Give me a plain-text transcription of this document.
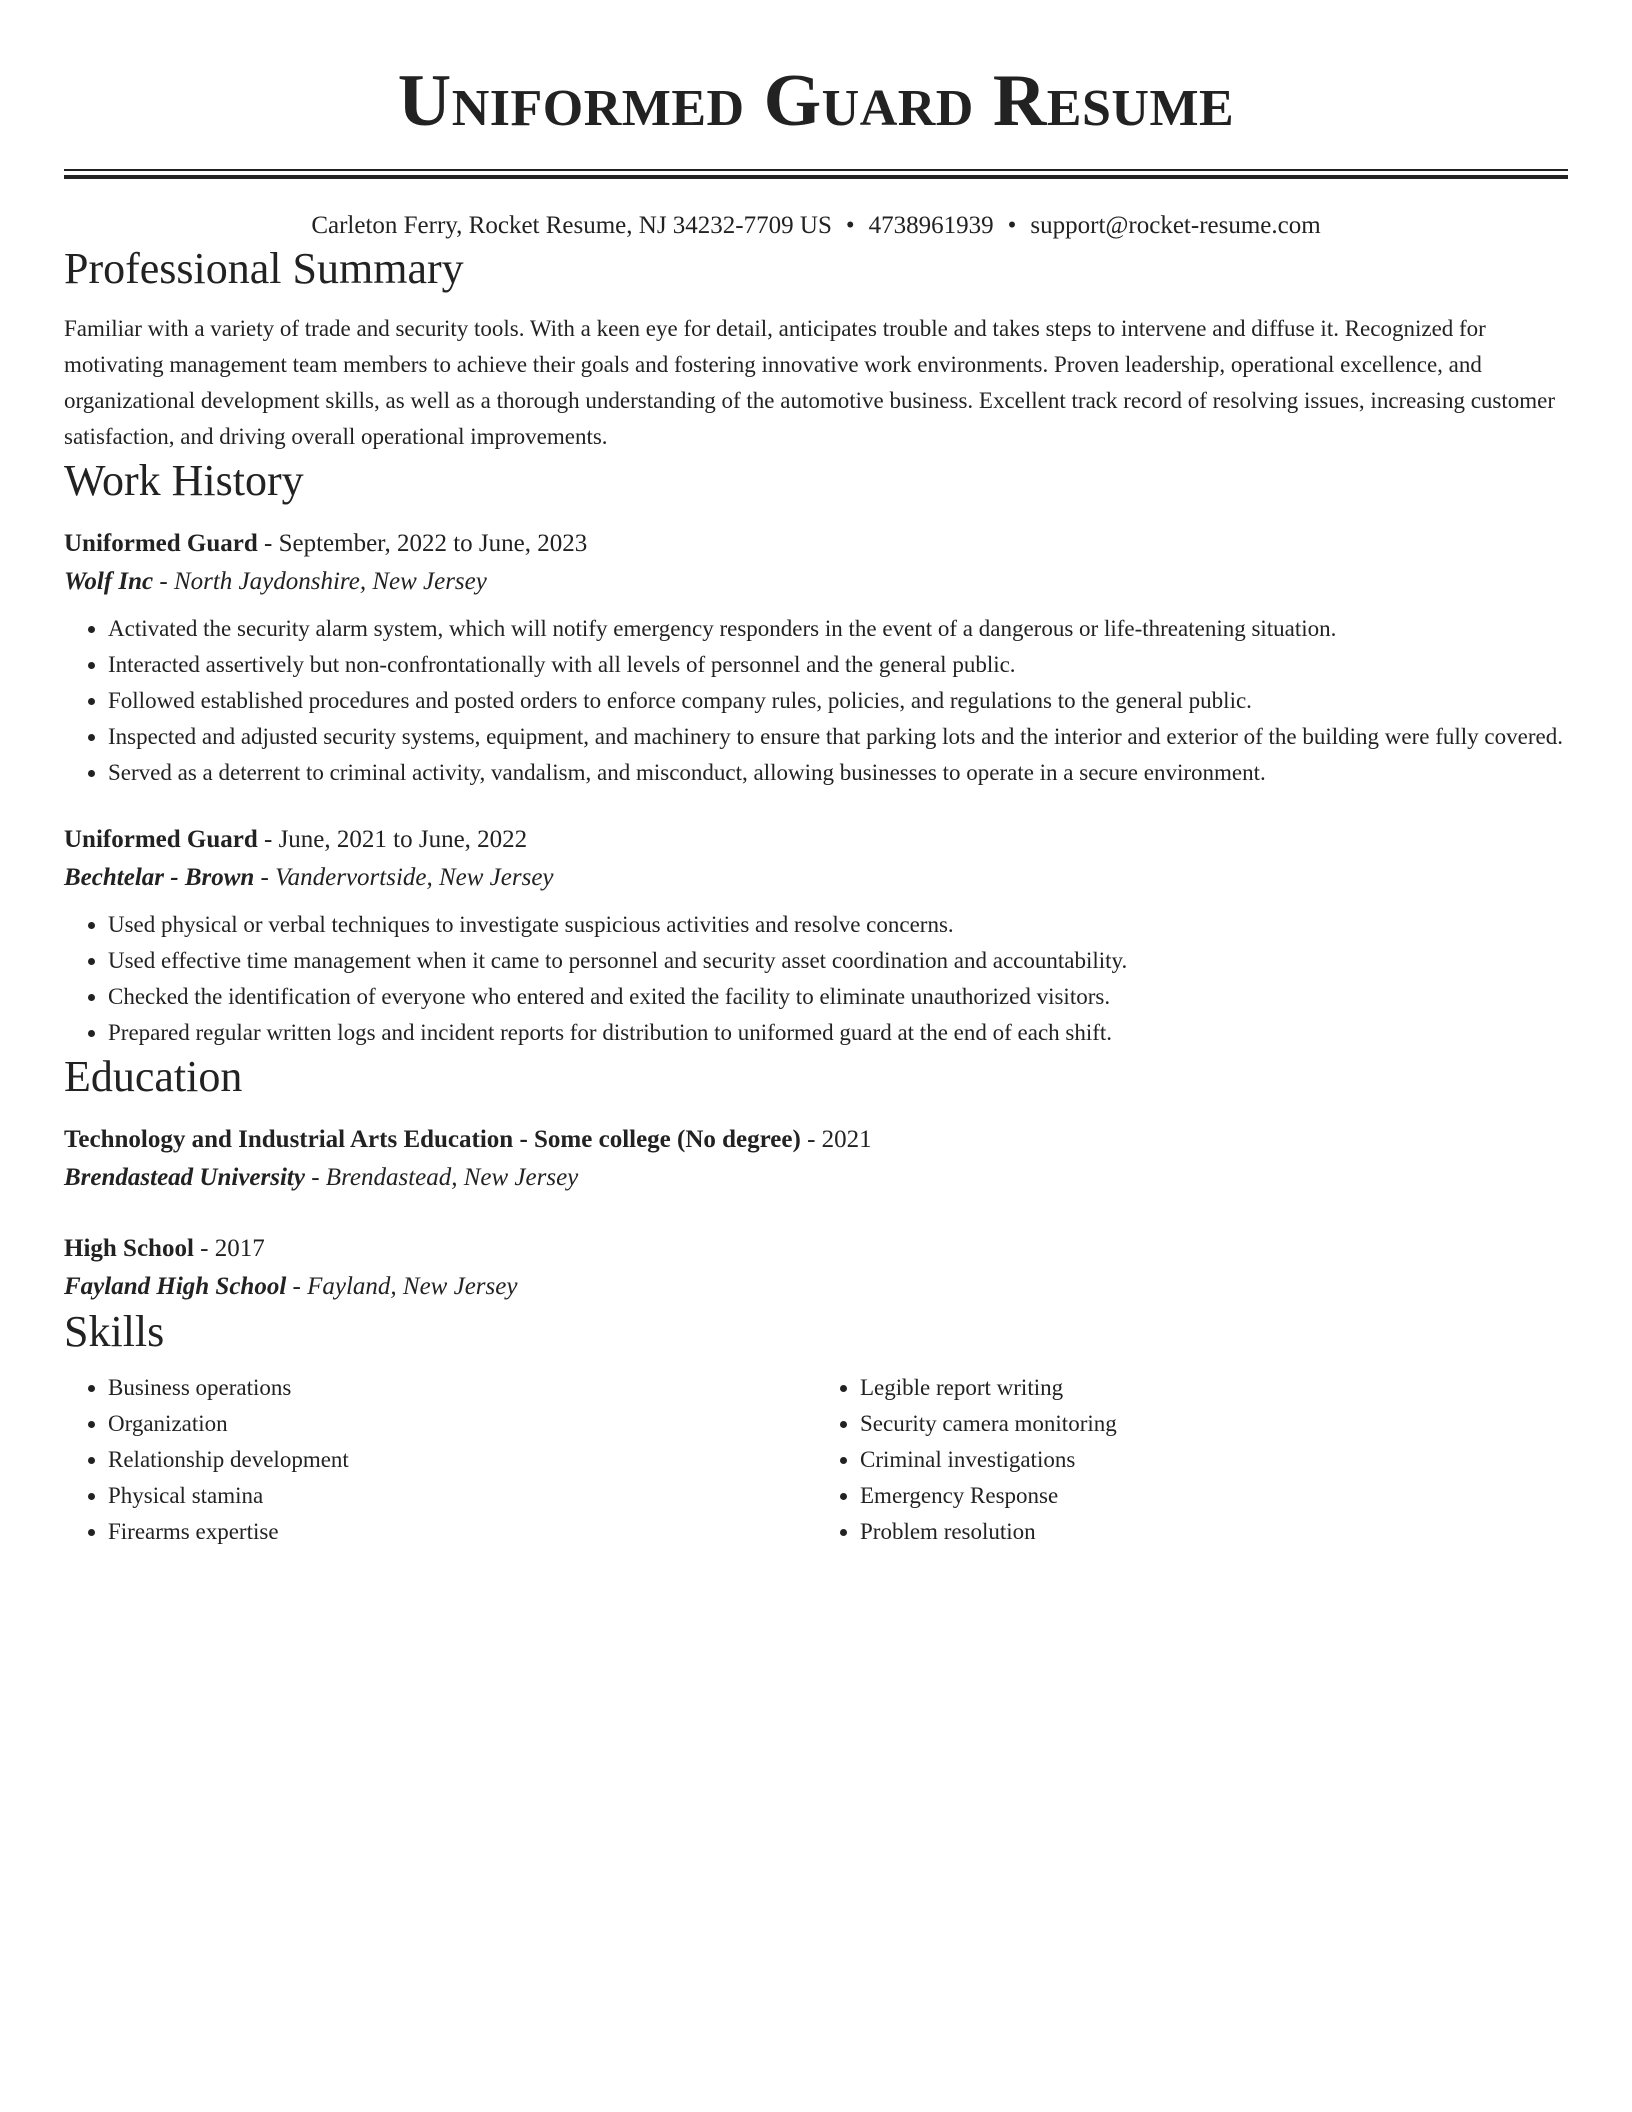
Uniformed Guard Resume
Carleton Ferry, Rocket Resume, NJ 34232-7709 US • 4738961939 • support@rocket-resume.com
Professional Summary

Familiar with a variety of trade and security tools. With a keen eye for detail, anticipates trouble and takes steps to intervene and diffuse it. Recognized for motivating management team members to achieve their goals and fostering innovative work environments. Proven leadership, operational excellence, and organizational development skills, as well as a thorough understanding of the automotive business. Excellent track record of resolving issues, increasing customer satisfaction, and driving overall operational improvements.

Work History
Uniformed Guard - September, 2022 to June, 2023
Wolf Inc - North Jaydonshire, New Jersey
• Activated the security alarm system, which will notify emergency responders in the event of a dangerous or life-threatening situation.
• Interacted assertively but non-confrontationally with all levels of personnel and the general public.
• Followed established procedures and posted orders to enforce company rules, policies, and regulations to the general public.
• Inspected and adjusted security systems, equipment, and machinery to ensure that parking lots and the interior and exterior of the building were fully covered.
• Served as a deterrent to criminal activity, vandalism, and misconduct, allowing businesses to operate in a secure environment.
Uniformed Guard - June, 2021 to June, 2022
Bechtelar - Brown - Vandervortside, New Jersey
• Used physical or verbal techniques to investigate suspicious activities and resolve concerns.
• Used effective time management when it came to personnel and security asset coordination and accountability.
• Checked the identification of everyone who entered and exited the facility to eliminate unauthorized visitors.
• Prepared regular written logs and incident reports for distribution to uniformed guard at the end of each shift.
Education
Technology and Industrial Arts Education - Some college (No degree) - 2021
Brendastead University - Brendastead, New Jersey
High School - 2017
Fayland High School - Fayland, New Jersey
Skills
• Business operations
• Organization
• Relationship development
• Physical stamina
• Firearms expertise
• Legible report writing
• Security camera monitoring
• Criminal investigations
• Emergency Response
• Problem resolution
